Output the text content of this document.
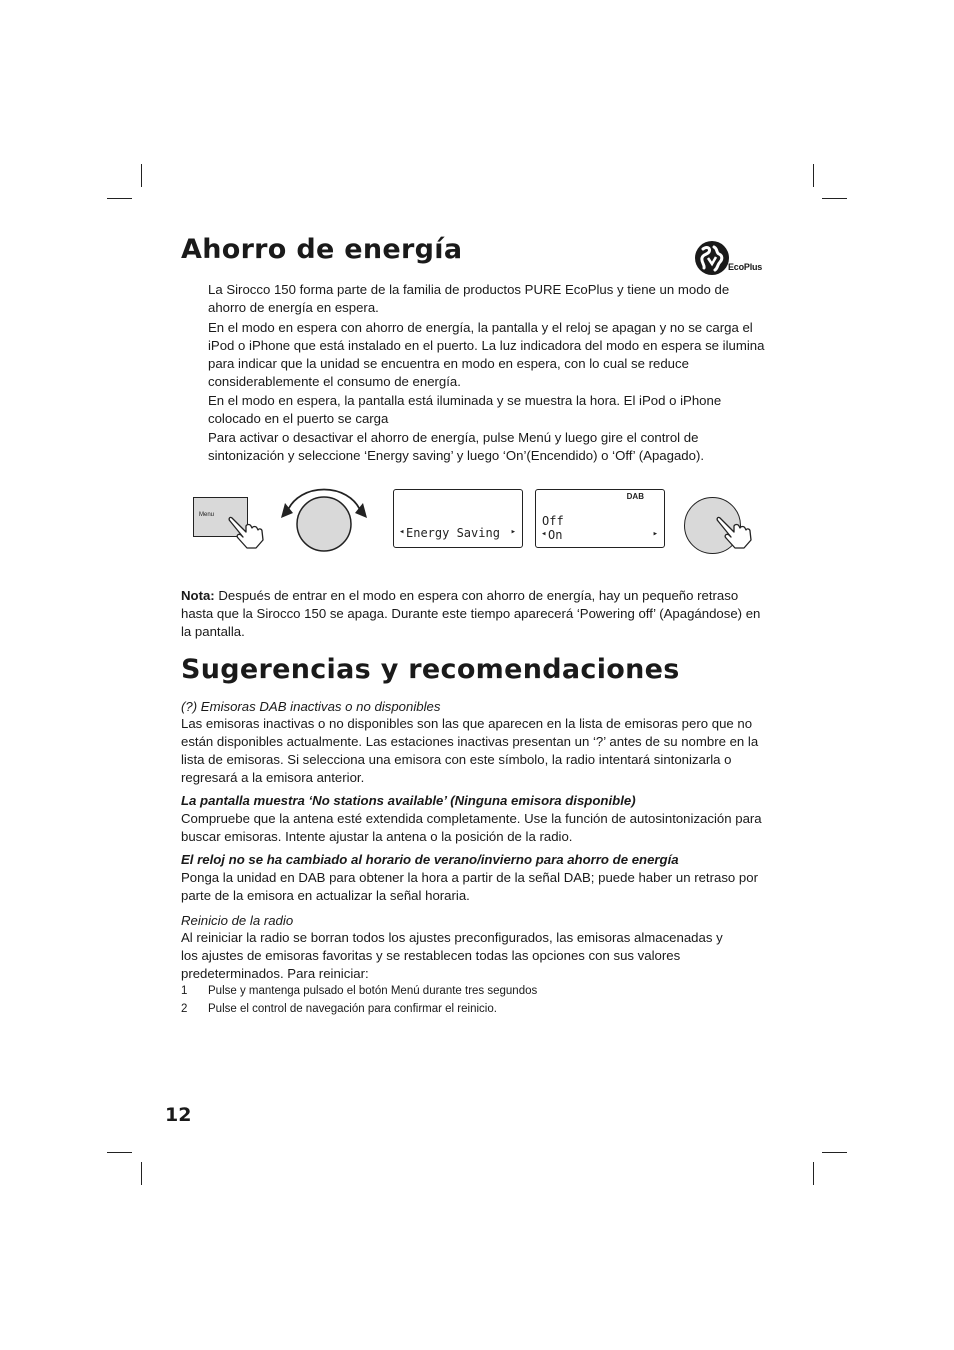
Ahorro de energía
EcoPlus

La Sirocco 150 forma parte de la familia de productos PURE EcoPlus y tiene un modo de ahorro de energía en espera.

En el modo en espera con ahorro de energía, la pantalla y el reloj se apagan y no se carga el iPod o iPhone que está instalado en el puerto. La luz indicadora del modo en espera se ilumina para indicar que la unidad se encuentra en modo en espera, con lo cual se reduce considerablemente el consumo de energía.

En el modo en espera, la pantalla está iluminada y se muestra la hora. El iPod o iPhone colocado en el puerto se carga

Para activar o desactivar el ahorro de energía, pulse Menú y luego gire el control de sintonización y seleccione ‘Energy saving’ y luego ‘On’(Encendido) o ‘Off’ (Apagado).

Menu
◂ Energy Saving ▸
DAB
Off
◂ On	▸

Nota: Después de entrar en el modo en espera con ahorro de energía, hay un pequeño retraso hasta que la Sirocco 150 se apaga. Durante este tiempo aparecerá ‘Powering off’ (Apagándose) en la pantalla.

Sugerencias y recomendaciones

(?) Emisoras DAB inactivas o no disponibles

Las emisoras inactivas o no disponibles son las que aparecen en la lista de emisoras pero que no están disponibles actualmente. Las estaciones inactivas presentan un ‘?’ antes de su nombre en la lista de emisoras. Si selecciona una emisora con este símbolo, la radio intentará sintonizarla o regresará a la emisora anterior.

La pantalla muestra ‘No stations available’ (Ninguna emisora disponible)

Compruebe que la antena esté extendida completamente. Use la función de autosintonización para buscar emisoras. Intente ajustar la antena o la posición de la radio.

El reloj no se ha cambiado al horario de verano/invierno para ahorro de energía

Ponga la unidad en DAB para obtener la hora a partir de la señal DAB; puede haber un retraso por parte de la emisora en actualizar la señal horaria.

Reinicio de la radio

Al reiniciar la radio se borran todos los ajustes preconfigurados, las emisoras almacenadas y los ajustes de emisoras favoritas y se restablecen todas las opciones con sus valores predeterminados. Para reiniciar:

1 Pulse y mantenga pulsado el botón Menú durante tres segundos
2 Pulse el control de navegación para confirmar el reinicio.
12
